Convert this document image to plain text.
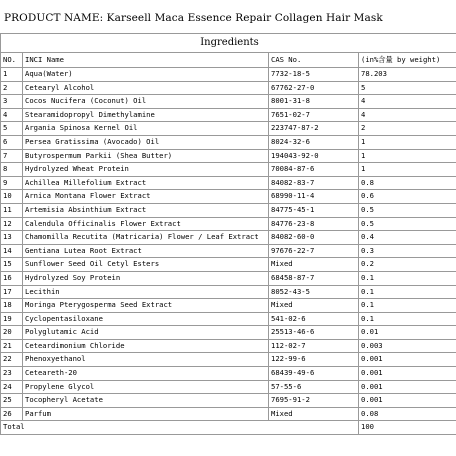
PRODUCT NAME: Karseell Maca Essence Repair Collagen Hair Mask
Ingredients			
NO.	INCI Name	CAS No.	(in%含量 by weight)
1	Aqua(Water)	7732-18-5	78.203
2	Cetearyl Alcohol	67762-27-0	5
3	Cocos Nucifera (Coconut) Oil	8001-31-8	4
4	Stearamidopropyl Dimethylamine	7651-02-7	4
5	Argania Spinosa Kernel Oil	223747-87-2	2
6	Persea Gratissima (Avocado) Oil	8024-32-6	1
7	Butyrospermum Parkii (Shea Butter)	194043-92-0	1
8	Hydrolyzed Wheat Protein	70084-87-6	1
9	Achillea Millefolium Extract	84082-83-7	0.8
10	Arnica Montana Flower Extract	68990-11-4	0.6
11	Artemisia Absinthium Extract	84775-45-1	0.5
12	Calendula Officinalis Flower Extract	84776-23-8	0.5
13	Chamomilla Recutita (Matricaria) Flower / Leaf Extract	84082-60-0	0.4
14	Gentiana Lutea Root Extract	97676-22-7	0.3
15	Sunflower Seed Oil Cetyl Esters	Mixed	0.2
16	Hydrolyzed Soy Protein	68458-87-7	0.1
17	Lecithin	8052-43-5	0.1
18	Moringa Pterygosperma Seed Extract	Mixed	0.1
19	Cyclopentasiloxane	541-02-6	0.1
20	Polyglutamic Acid	25513-46-6	0.01
21	Ceteardimonium Chloride	112-02-7	0.003
22	Phenoxyethanol	122-99-6	0.001
23	Ceteareth-20	68439-49-6	0.001
24	Propylene Glycol	57-55-6	0.001
25	Tocopheryl Acetate	7695-91-2	0.001
26	Parfum	Mixed	0.08
Total			100
